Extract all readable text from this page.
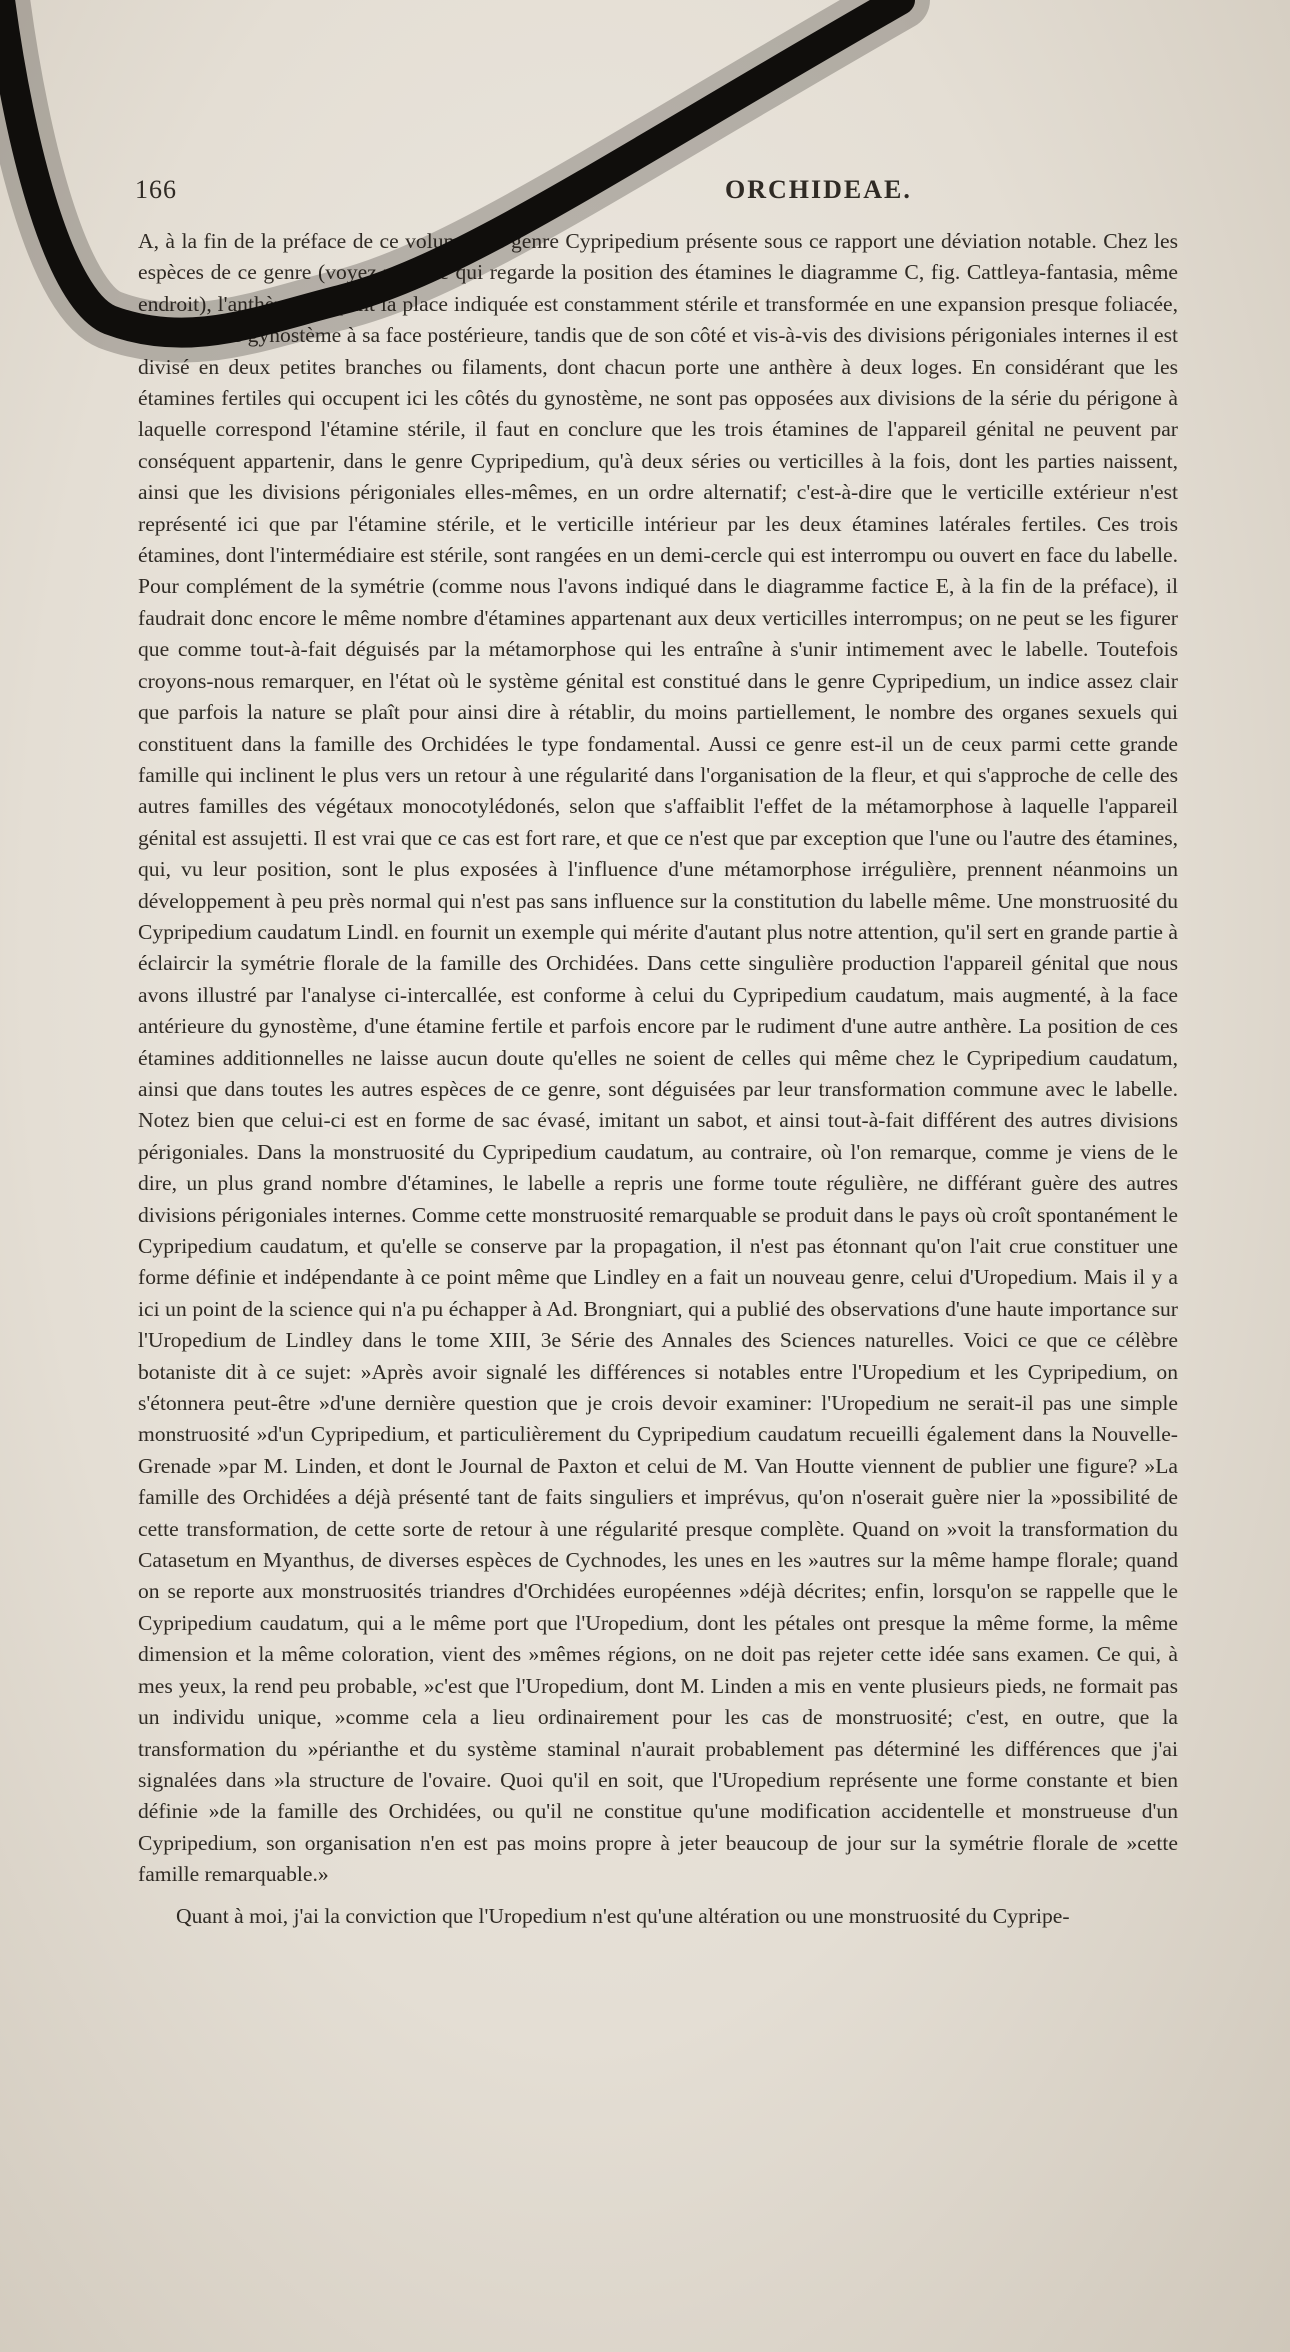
166	ORCHIDEAE.

A, à la fin de la préface de ce volume), le genre Cypripedium présente sous ce rapport une déviation notable. Chez les espèces de ce genre (voyez pour ce qui regarde la position des étamines le diagramme C, fig. Cattleya-fantasia, même endroit), l'anthère occupant la place indiquée est constamment stérile et transformée en une expansion presque foliacée, terminant le gynostème à sa face postérieure, tandis que de son côté et vis-à-vis des divisions périgoniales internes il est divisé en deux petites branches ou filaments, dont chacun porte une anthère à deux loges. En considérant que les étamines fertiles qui occupent ici les côtés du gynostème, ne sont pas opposées aux divisions de la série du périgone à laquelle correspond l'étamine stérile, il faut en conclure que les trois étamines de l'appareil génital ne peuvent par conséquent appartenir, dans le genre Cypripedium, qu'à deux séries ou verticilles à la fois, dont les parties naissent, ainsi que les divisions périgoniales elles-mêmes, en un ordre alternatif; c'est-à-dire que le verticille extérieur n'est représenté ici que par l'étamine stérile, et le verticille intérieur par les deux étamines latérales fertiles. Ces trois étamines, dont l'intermédiaire est stérile, sont rangées en un demi-cercle qui est interrompu ou ouvert en face du labelle. Pour complément de la symétrie (comme nous l'avons indiqué dans le diagramme factice E, à la fin de la préface), il faudrait donc encore le même nombre d'étamines appartenant aux deux verticilles interrompus; on ne peut se les figurer que comme tout-à-fait déguisés par la métamorphose qui les entraîne à s'unir intimement avec le labelle. Toutefois croyons-nous remarquer, en l'état où le système génital est constitué dans le genre Cypripedium, un indice assez clair que parfois la nature se plaît pour ainsi dire à rétablir, du moins partiellement, le nombre des organes sexuels qui constituent dans la famille des Orchidées le type fondamental. Aussi ce genre est-il un de ceux parmi cette grande famille qui inclinent le plus vers un retour à une régularité dans l'organisation de la fleur, et qui s'approche de celle des autres familles des végétaux monocotylédonés, selon que s'affaiblit l'effet de la métamorphose à laquelle l'appareil génital est assujetti. Il est vrai que ce cas est fort rare, et que ce n'est que par exception que l'une ou l'autre des étamines, qui, vu leur position, sont le plus exposées à l'influence d'une métamorphose irrégulière, prennent néanmoins un développement à peu près normal qui n'est pas sans influence sur la constitution du labelle même. Une monstruosité du Cypripedium caudatum Lindl. en fournit un exemple qui mérite d'autant plus notre attention, qu'il sert en grande partie à éclaircir la symétrie florale de la famille des Orchidées. Dans cette singulière production l'appareil génital que nous avons illustré par l'analyse ci-intercallée, est conforme à celui du Cypripedium caudatum, mais augmenté, à la face antérieure du gynostème, d'une étamine fertile et parfois encore par le rudiment d'une autre anthère. La position de ces étamines additionnelles ne laisse aucun doute qu'elles ne soient de celles qui même chez le Cypripedium caudatum, ainsi que dans toutes les autres espèces de ce genre, sont déguisées par leur transformation commune avec le labelle. Notez bien que celui-ci est en forme de sac évasé, imitant un sabot, et ainsi tout-à-fait différent des autres divisions périgoniales. Dans la monstruosité du Cypripedium caudatum, au contraire, où l'on remarque, comme je viens de le dire, un plus grand nombre d'étamines, le labelle a repris une forme toute régulière, ne différant guère des autres divisions périgoniales internes. Comme cette monstruosité remarquable se produit dans le pays où croît spontanément le Cypripedium caudatum, et qu'elle se conserve par la propagation, il n'est pas étonnant qu'on l'ait crue constituer une forme définie et indépendante à ce point même que Lindley en a fait un nouveau genre, celui d'Uropedium. Mais il y a ici un point de la science qui n'a pu échapper à Ad. Brongniart, qui a publié des observations d'une haute importance sur l'Uropedium de Lindley dans le tome XIII, 3e Série des Annales des Sciences naturelles. Voici ce que ce célèbre botaniste dit à ce sujet: »Après avoir signalé les différences si notables entre l'Uropedium et les Cypripedium, on s'étonnera peut-être »d'une dernière question que je crois devoir examiner: l'Uropedium ne serait-il pas une simple monstruosité »d'un Cypripedium, et particulièrement du Cypripedium caudatum recueilli également dans la Nouvelle-Grenade »par M. Linden, et dont le Journal de Paxton et celui de M. Van Houtte viennent de publier une figure? »La famille des Orchidées a déjà présenté tant de faits singuliers et imprévus, qu'on n'oserait guère nier la »possibilité de cette transformation, de cette sorte de retour à une régularité presque complète. Quand on »voit la transformation du Catasetum en Myanthus, de diverses espèces de Cychnodes, les unes en les »autres sur la même hampe florale; quand on se reporte aux monstruosités triandres d'Orchidées européennes »déjà décrites; enfin, lorsqu'on se rappelle que le Cypripedium caudatum, qui a le même port que l'Uropedium, dont les pétales ont presque la même forme, la même dimension et la même coloration, vient des »mêmes régions, on ne doit pas rejeter cette idée sans examen. Ce qui, à mes yeux, la rend peu probable, »c'est que l'Uropedium, dont M. Linden a mis en vente plusieurs pieds, ne formait pas un individu unique, »comme cela a lieu ordinairement pour les cas de monstruosité; c'est, en outre, que la transformation du »périanthe et du système staminal n'aurait probablement pas déterminé les différences que j'ai signalées dans »la structure de l'ovaire. Quoi qu'il en soit, que l'Uropedium représente une forme constante et bien définie »de la famille des Orchidées, ou qu'il ne constitue qu'une modification accidentelle et monstrueuse d'un Cypripedium, son organisation n'en est pas moins propre à jeter beaucoup de jour sur la symétrie florale de »cette famille remarquable.»

Quant à moi, j'ai la conviction que l'Uropedium n'est qu'une altération ou une monstruosité du Cypripe-
